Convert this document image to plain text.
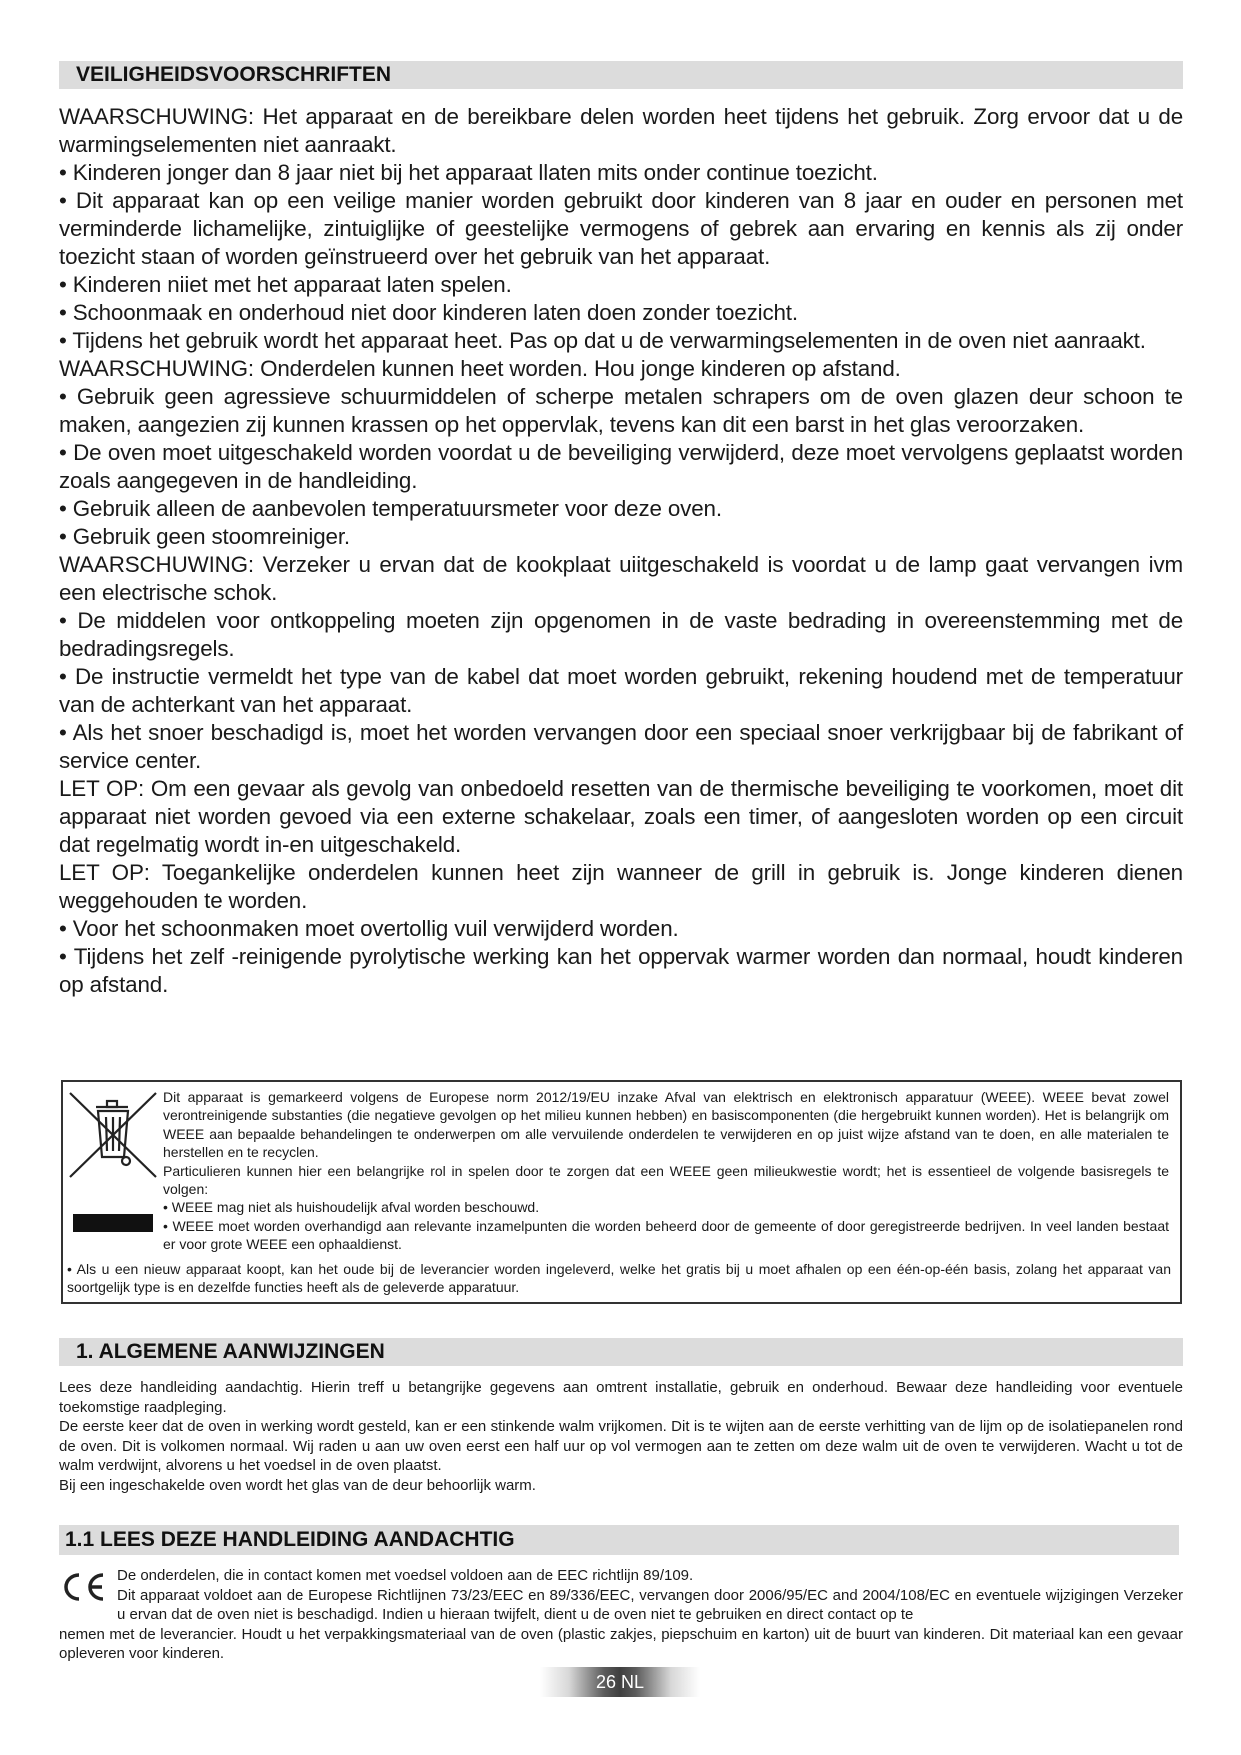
VEILIGHEIDSVOORSCHRIFTEN

WAARSCHUWING: Het apparaat en de bereikbare delen worden heet tijdens het gebruik. Zorg ervoor dat u de warmingselementen niet aanraakt.

• Kinderen jonger dan 8 jaar niet bij het apparaat llaten mits onder continue toezicht.

• Dit apparaat kan op een veilige manier worden gebruikt door kinderen van 8 jaar en ouder en personen met verminderde lichamelijke, zintuiglijke of geestelijke vermogens of gebrek aan ervaring en kennis als zij onder toezicht staan of worden geïnstrueerd over het gebruik van het apparaat.

• Kinderen niiet met het apparaat laten spelen.

• Schoonmaak en onderhoud niet door kinderen laten doen zonder toezicht.

• Tijdens het gebruik wordt het apparaat heet. Pas op dat u de verwarmingselementen in de oven niet aanraakt.

WAARSCHUWING: Onderdelen kunnen heet worden. Hou jonge kinderen op afstand.

• Gebruik geen agressieve schuurmiddelen of scherpe metalen schrapers om de oven glazen deur schoon te maken, aangezien zij kunnen krassen op het oppervlak, tevens kan dit een barst in het glas veroorzaken.

• De oven moet uitgeschakeld worden voordat u de beveiliging verwijderd, deze moet vervolgens geplaatst worden zoals aangegeven in de handleiding.

• Gebruik alleen de aanbevolen temperatuursmeter voor deze oven.

• Gebruik geen stoomreiniger.

WAARSCHUWING: Verzeker u ervan dat de kookplaat uiitgeschakeld is voordat u de lamp gaat vervangen ivm een electrische schok.

• De middelen voor ontkoppeling moeten zijn opgenomen in de vaste bedrading in overeenstemming met de bedradingsregels.

• De instructie vermeldt het type van de kabel dat moet worden gebruikt, rekening houdend met de temperatuur van de achterkant van het apparaat.

• Als het snoer beschadigd is, moet het worden vervangen door een speciaal snoer verkrijgbaar bij de fabrikant of service center.

LET OP: Om een gevaar als gevolg van onbedoeld resetten van de thermische beveiliging te voorkomen, moet dit apparaat niet worden gevoed via een externe schakelaar, zoals een timer, of aangesloten worden op een circuit dat regelmatig wordt in-en uitgeschakeld.

LET OP: Toegankelijke onderdelen kunnen heet zijn wanneer de grill in gebruik is. Jonge kinderen dienen weggehouden te worden.

• Voor het schoonmaken moet overtollig vuil verwijderd worden.

• Tijdens het zelf -reinigende pyrolytische werking kan het oppervak warmer worden dan normaal, houdt kinderen op afstand.

Dit apparaat is gemarkeerd volgens de Europese norm 2012/19/EU inzake Afval van elektrisch en elektronisch apparatuur (WEEE). WEEE bevat zowel verontreinigende substanties (die negatieve gevolgen op het milieu kunnen hebben) en basiscomponenten (die hergebruikt kunnen worden). Het is belangrijk om WEEE aan bepaalde behandelingen te onderwerpen om alle vervuilende onderdelen te verwijderen en op juist wijze afstand van te doen, en alle materialen te herstellen en te recyclen.

Particulieren kunnen hier een belangrijke rol in spelen door te zorgen dat een WEEE geen milieukwestie wordt; het is essentieel de volgende basisregels te volgen:

• WEEE mag niet als huishoudelijk afval worden beschouwd.

• WEEE moet worden overhandigd aan relevante inzamelpunten die worden beheerd door de gemeente of door geregistreerde bedrijven. In veel landen bestaat er voor grote WEEE een ophaaldienst.

• Als u een nieuw apparaat koopt, kan het oude bij de leverancier worden ingeleverd, welke het gratis bij u moet afhalen op een één-op-één basis, zolang het apparaat van soortgelijk type is en dezelfde functies heeft als de geleverde apparatuur.

1. ALGEMENE AANWIJZINGEN

Lees deze handleiding aandachtig. Hierin treff u betangrijke gegevens aan omtrent installatie, gebruik en onderhoud. Bewaar deze handleiding voor eventuele toekomstige raadpleging.

De eerste keer dat de oven in werking wordt gesteld, kan er een stinkende walm vrijkomen. Dit is te wijten aan de eerste verhitting van de lijm op de isolatiepanelen rond de oven. Dit is volkomen normaal. Wij raden u aan uw oven eerst een half uur op vol vermogen aan te zetten om deze walm uit de oven te verwijderen. Wacht u tot de walm verdwijnt, alvorens u het voedsel in de oven plaatst.

Bij een ingeschakelde oven wordt het glas van de deur behoorlijk warm.

1.1 LEES DEZE HANDLEIDING AANDACHTIG

De onderdelen, die in contact komen met voedsel voldoen aan de EEC richtlijn 89/109.

Dit apparaat voldoet aan de Europese Richtlijnen 73/23/EEC en 89/336/EEC, vervangen door 2006/95/EC and 2004/108/EC en eventuele wijzigingen Verzeker u ervan dat de oven niet is beschadigd. Indien u hieraan twijfelt, dient u de oven niet te gebruiken en direct contact op te

nemen met de leverancier. Houdt u het verpakkingsmateriaal van de oven (plastic zakjes, piepschuim en karton) uit de buurt van kinderen. Dit materiaal kan een gevaar opleveren voor kinderen.

26 NL
